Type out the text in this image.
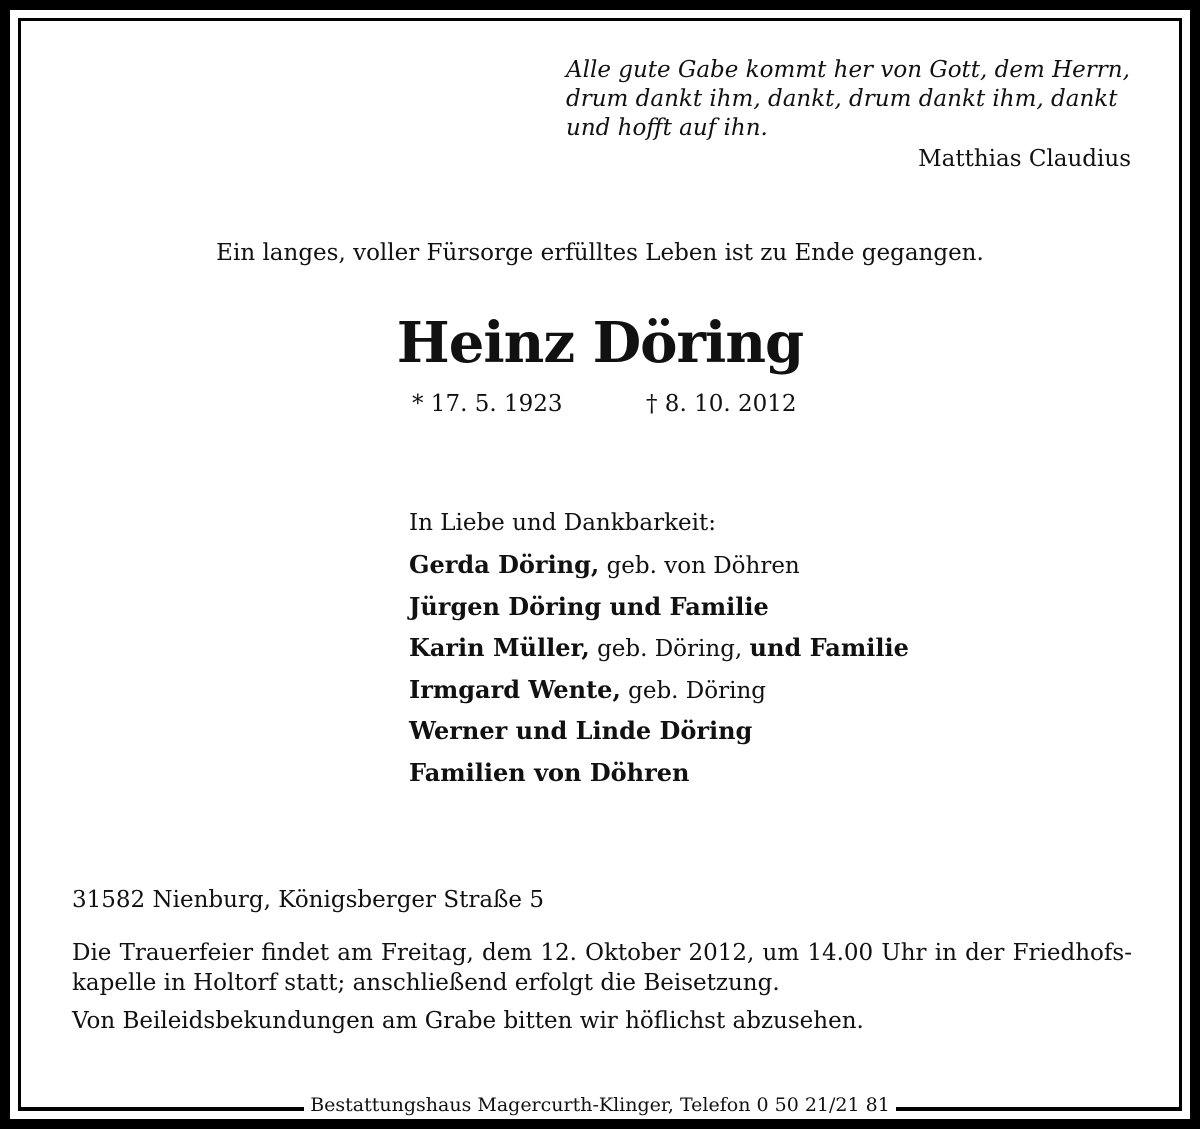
Alle gute Gabe kommt her von Gott, dem Herrn,
drum dankt ihm, dankt, drum dankt ihm, dankt
und hofft auf ihn.
Matthias Claudius
Ein langes, voller Fürsorge erfülltes Leben ist zu Ende gegangen.
Heinz Döring
* 17. 5. 1923	† 8. 10. 2012
In Liebe und Dankbarkeit:
Gerda Döring, geb. von Döhren
Jürgen Döring und Familie
Karin Müller, geb. Döring, und Familie
Irmgard Wente, geb. Döring
Werner und Linde Döring
Familien von Döhren
31582 Nienburg, Königsberger Straße 5
Die Trauerfeier findet am Freitag, dem 12. Oktober 2012, um 14.00 Uhr in der Friedhofs-
kapelle in Holtorf statt; anschließend erfolgt die Beisetzung.
Von Beileidsbekundungen am Grabe bitten wir höflichst abzusehen.
Bestattungshaus Magercurth-Klinger, Telefon 0 50 21/21 81
